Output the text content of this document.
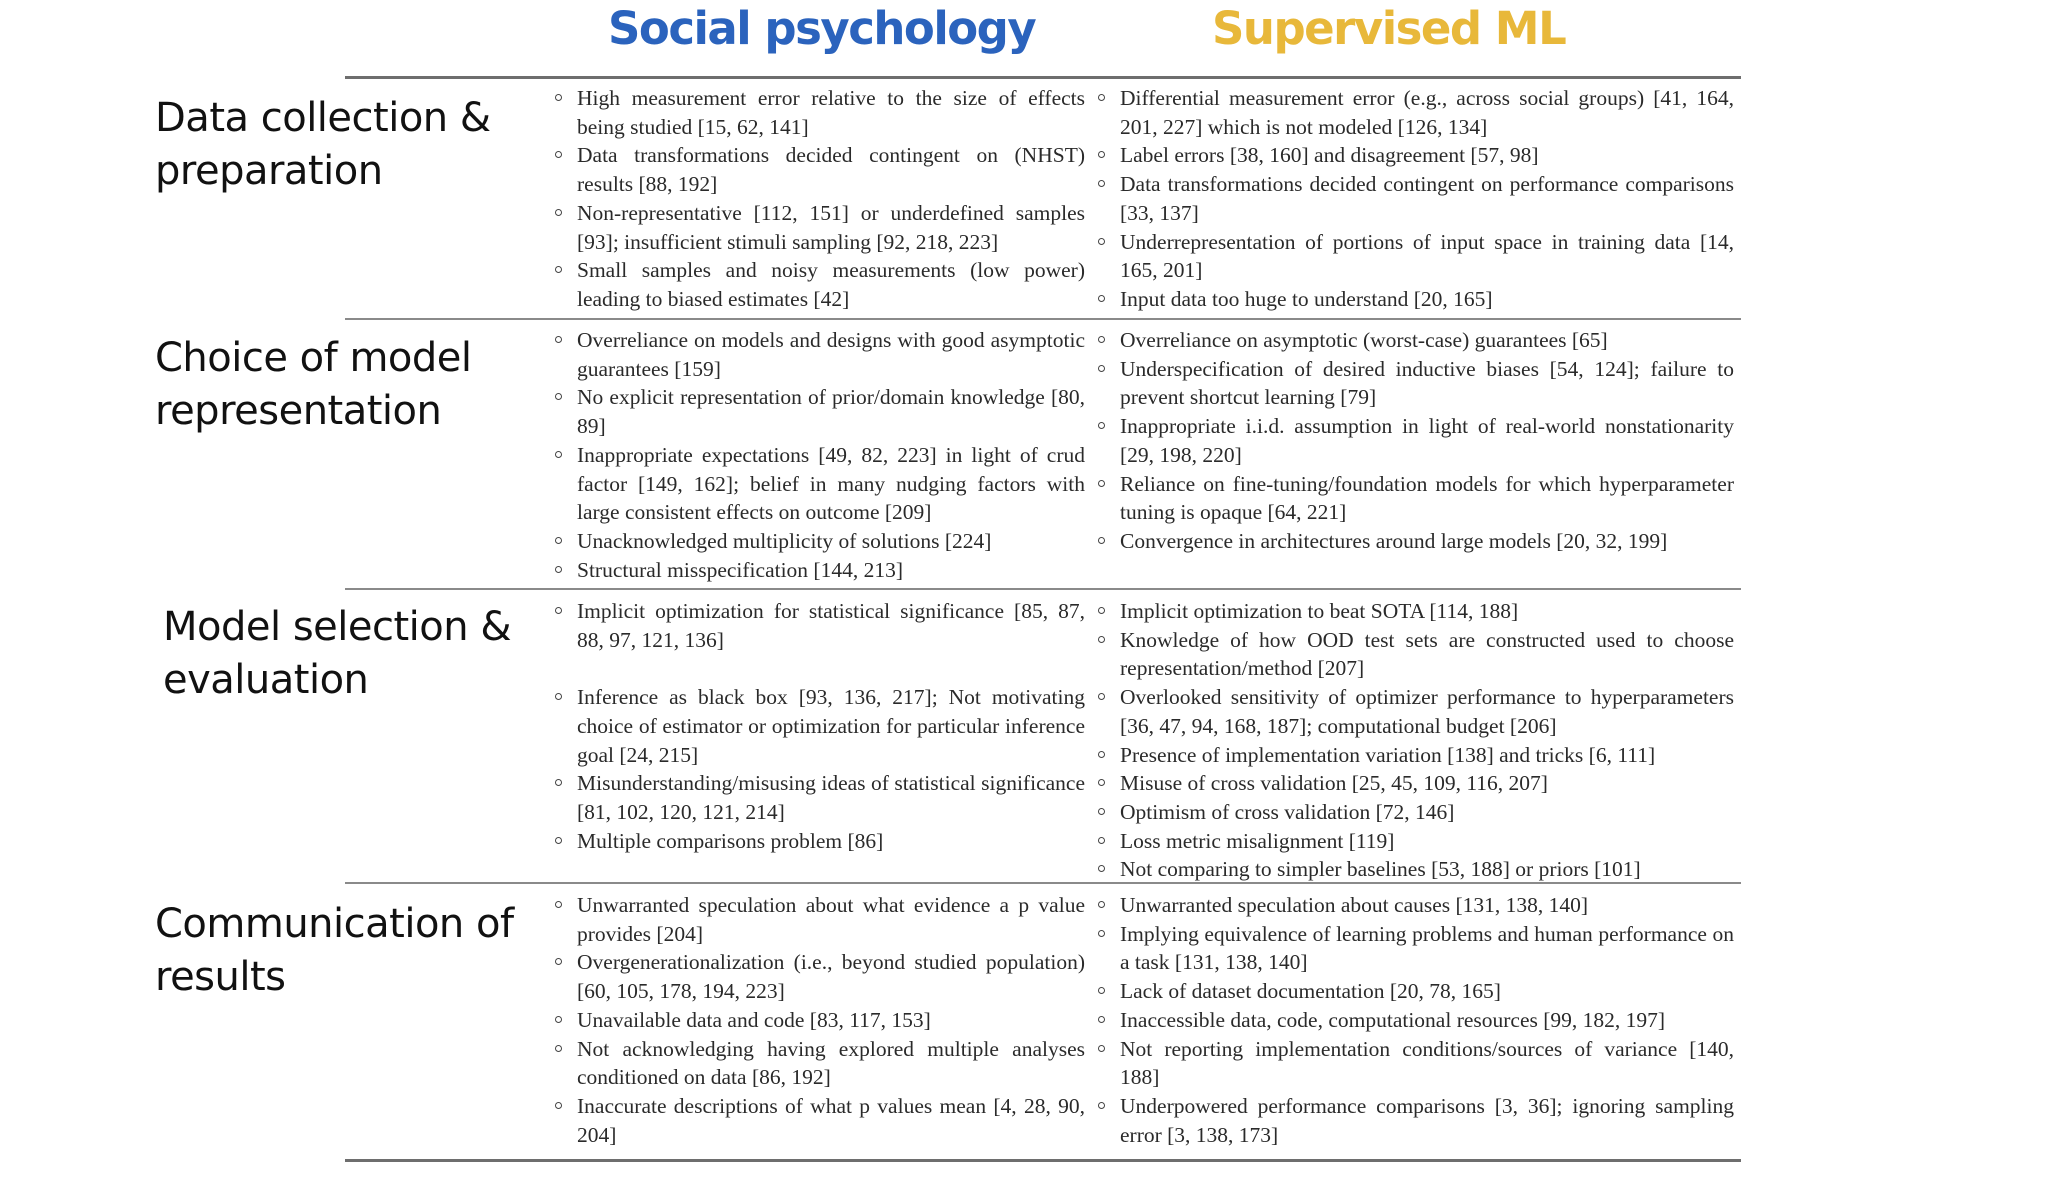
Social psychology	Supervised ML
Data collection &
preparation
High measurement error relative to the size of effects being studied [15, 62, 141]
Data transformations decided contingent on (NHST) results [88, 192]
Non-representative [112, 151] or underdefined samples [93]; insufficient stimuli sampling [92, 218, 223]
Small samples and noisy measurements (low power) leading to biased estimates [42]
Differential measurement error (e.g., across social groups) [41, 164, 201, 227] which is not modeled [126, 134]
Label errors [38, 160] and disagreement [57, 98]
Data transformations decided contingent on performance comparisons [33, 137]
Underrepresentation of portions of input space in training data [14, 165, 201]
Input data too huge to understand [20, 165]
Choice of model
representation
Overreliance on models and designs with good asymptotic guarantees [159]
No explicit representation of prior/domain knowledge [80, 89]
Inappropriate expectations [49, 82, 223] in light of crud factor [149, 162]; belief in many nudging factors with large consistent effects on outcome [209]
Unacknowledged multiplicity of solutions [224]
Structural misspecification [144, 213]
Overreliance on asymptotic (worst-case) guarantees [65]
Underspecification of desired inductive biases [54, 124]; failure to prevent shortcut learning [79]
Inappropriate i.i.d. assumption in light of real-world nonstationarity [29, 198, 220]
Reliance on fine-tuning/foundation models for which hyperparameter tuning is opaque [64, 221]
Convergence in architectures around large models [20, 32, 199]
Model selection &
evaluation
Implicit optimization for statistical significance [85, 87, 88, 97, 121, 136]
Inference as black box [93, 136, 217]; Not motivating choice of estimator or optimization for particular inference goal [24, 215]
Misunderstanding/misusing ideas of statistical significance [81, 102, 120, 121, 214]
Multiple comparisons problem [86]
Implicit optimization to beat SOTA [114, 188]
Knowledge of how OOD test sets are constructed used to choose representation/method [207]
Overlooked sensitivity of optimizer performance to hyperparameters [36, 47, 94, 168, 187]; computational budget [206]
Presence of implementation variation [138] and tricks [6, 111]
Misuse of cross validation [25, 45, 109, 116, 207]
Optimism of cross validation [72, 146]
Loss metric misalignment [119]
Not comparing to simpler baselines [53, 188] or priors [101]
Communication of
results
Unwarranted speculation about what evidence a p value provides [204]
Overgenerationalization (i.e., beyond studied population) [60, 105, 178, 194, 223]
Unavailable data and code [83, 117, 153]
Not acknowledging having explored multiple analyses conditioned on data [86, 192]
Inaccurate descriptions of what p values mean [4, 28, 90, 204]
Unwarranted speculation about causes [131, 138, 140]
Implying equivalence of learning problems and human performance on a task [131, 138, 140]
Lack of dataset documentation [20, 78, 165]
Inaccessible data, code, computational resources [99, 182, 197]
Not reporting implementation conditions/sources of variance [140, 188]
Underpowered performance comparisons [3, 36]; ignoring sampling error [3, 138, 173]
